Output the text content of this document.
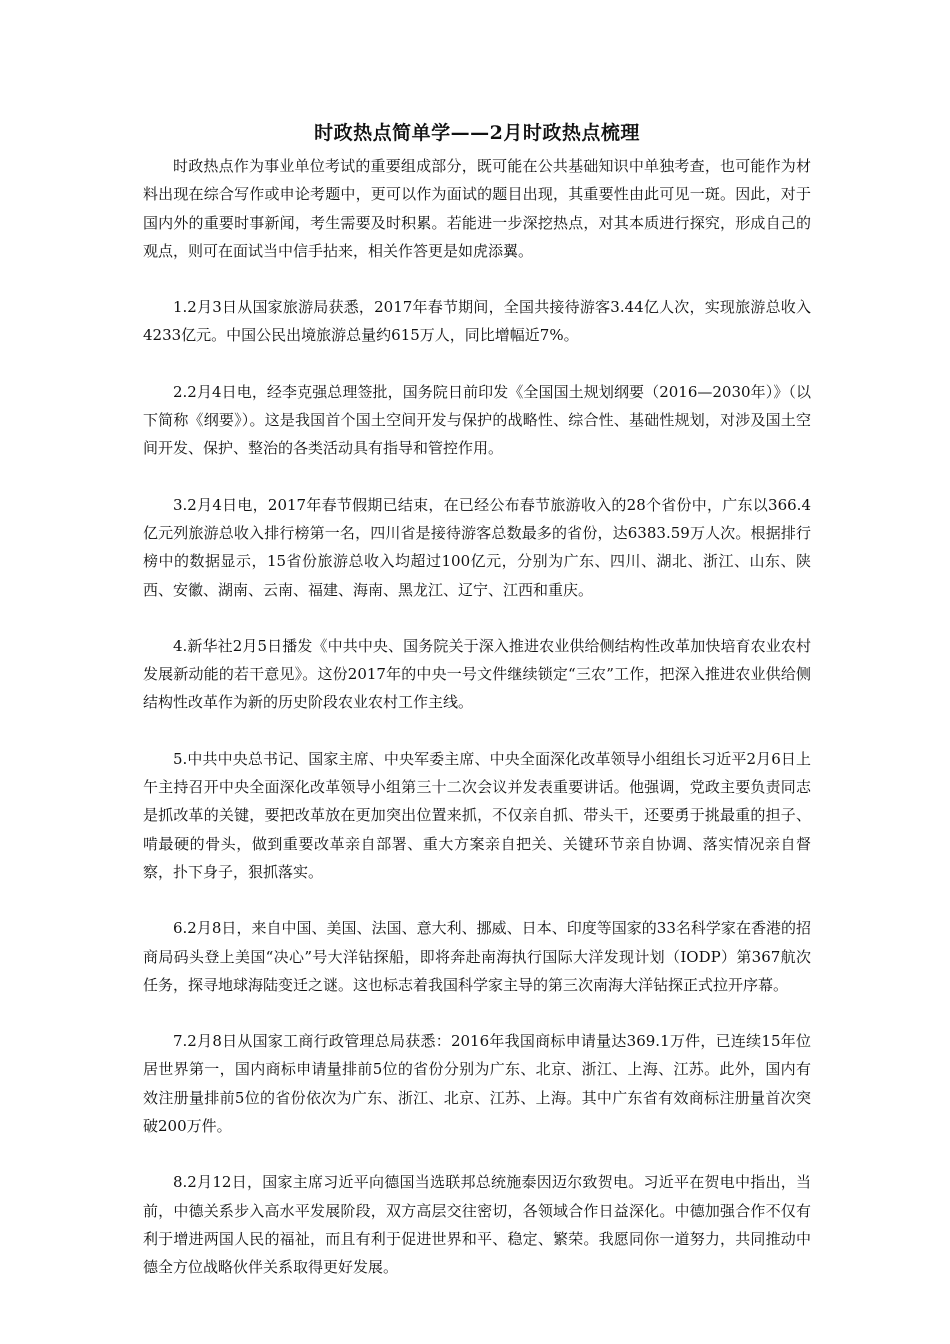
时政热点简单学——2月时政热点梳理

时政热点作为事业单位考试的重要组成部分，既可能在公共基础知识中单独考查，也可能作为材料出现在综合写作或申论考题中，更可以作为面试的题目出现，其重要性由此可见一斑。因此，对于国内外的重要时事新闻，考生需要及时积累。若能进一步深挖热点，对其本质进行探究，形成自己的观点，则可在面试当中信手拈来，相关作答更是如虎添翼。

1.2月3日从国家旅游局获悉，2017年春节期间，全国共接待游客3.44亿人次，实现旅游总收入4233亿元。中国公民出境旅游总量约615万人，同比增幅近7%。

2.2月4日电，经李克强总理签批，国务院日前印发《全国国土规划纲要（2016—2030年）》（以下简称《纲要》）。这是我国首个国土空间开发与保护的战略性、综合性、基础性规划，对涉及国土空间开发、保护、整治的各类活动具有指导和管控作用。

3.2月4日电，2017年春节假期已结束，在已经公布春节旅游收入的28个省份中，广东以366.4亿元列旅游总收入排行榜第一名，四川省是接待游客总数最多的省份，达6383.59万人次。根据排行榜中的数据显示，15省份旅游总收入均超过100亿元，分别为广东、四川、湖北、浙江、山东、陕西、安徽、湖南、云南、福建、海南、黑龙江、辽宁、江西和重庆。

4.新华社2月5日播发《中共中央、国务院关于深入推进农业供给侧结构性改革加快培育农业农村发展新动能的若干意见》。这份2017年的中央一号文件继续锁定“三农”工作，把深入推进农业供给侧结构性改革作为新的历史阶段农业农村工作主线。

5.中共中央总书记、国家主席、中央军委主席、中央全面深化改革领导小组组长习近平2月6日上午主持召开中央全面深化改革领导小组第三十二次会议并发表重要讲话。他强调，党政主要负责同志是抓改革的关键，要把改革放在更加突出位置来抓，不仅亲自抓、带头干，还要勇于挑最重的担子、啃最硬的骨头，做到重要改革亲自部署、重大方案亲自把关、关键环节亲自协调、落实情况亲自督察，扑下身子，狠抓落实。

6.2月8日，来自中国、美国、法国、意大利、挪威、日本、印度等国家的33名科学家在香港的招商局码头登上美国“决心”号大洋钻探船，即将奔赴南海执行国际大洋发现计划（IODP）第367航次任务，探寻地球海陆变迁之谜。这也标志着我国科学家主导的第三次南海大洋钻探正式拉开序幕。

7.2月8日从国家工商行政管理总局获悉：2016年我国商标申请量达369.1万件，已连续15年位居世界第一，国内商标申请量排前5位的省份分别为广东、北京、浙江、上海、江苏。此外，国内有效注册量排前5位的省份依次为广东、浙江、北京、江苏、上海。其中广东省有效商标注册量首次突破200万件。

8.2月12日，国家主席习近平向德国当选联邦总统施泰因迈尔致贺电。习近平在贺电中指出，当前，中德关系步入高水平发展阶段，双方高层交往密切，各领域合作日益深化。中德加强合作不仅有利于增进两国人民的福祉，而且有利于促进世界和平、稳定、繁荣。我愿同你一道努力，共同推动中德全方位战略伙伴关系取得更好发展。
